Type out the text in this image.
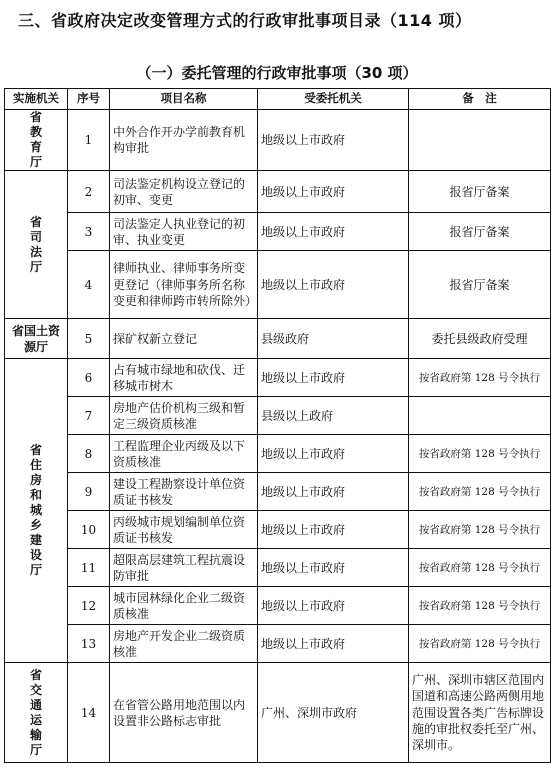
三、省政府决定改变管理方式的行政审批事项目录（114 项）
（一）委托管理的行政审批事项（30 项）
实施机关	序号	项目名称	受委托机关	备　注
省教育厅	1	中外合作开办学前教育机构审批	地级以上市政府	
省司法厅	2	司法鉴定机构设立登记的初审、变更	地级以上市政府	报省厅备案
	3	司法鉴定人执业登记的初审、执业变更	地级以上市政府	报省厅备案
	4	律师执业、律师事务所变更登记（律师事务所名称变更和律师跨市转所除外）	地级以上市政府	报省厅备案
省国土资源厅	5	探矿权新立登记	县级政府	委托县级政府受理
省住房和城乡建设厅	6	占有城市绿地和砍伐、迁移城市树木	地级以上市政府	按省政府第 128 号令执行
	7	房地产估价机构三级和暂定三级资质核准	县级以上政府	
	8	工程监理企业丙级及以下资质核准	地级以上市政府	按省政府第 128 号令执行
	9	建设工程勘察设计单位资质证书核发	地级以上市政府	按省政府第 128 号令执行
	10	丙级城市规划编制单位资质证书核发	地级以上市政府	按省政府第 128 号令执行
	11	超限高层建筑工程抗震设防审批	地级以上市政府	按省政府第 128 号令执行
	12	城市园林绿化企业二级资质核准	地级以上市政府	按省政府第 128 号令执行
	13	房地产开发企业二级资质核准	地级以上市政府	按省政府第 128 号令执行
省交通运输厅	14	在省管公路用地范围以内设置非公路标志审批	广州、深圳市政府	广州、深圳市辖区范围内国道和高速公路两侧用地范围设置各类广告标牌设施的审批权委托至广州、深圳市。
